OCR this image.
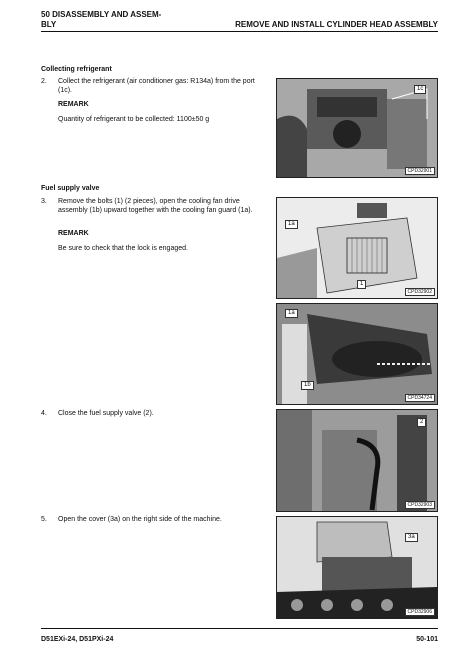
50 DISASSEMBLY AND ASSEM-
BLY	REMOVE AND INSTALL CYLINDER HEAD ASSEMBLY
Collecting refrigerant
2. Collect the refrigerant (air conditioner gas: R134a) from the port (1c).
REMARK
Quantity of refrigerant to be collected: 1100±50 g
1c
CPD32901
Fuel supply valve
3. Remove the bolts (1) (2 pieces), open the cooling fan drive assembly (1b) upward together with the cooling fan guard (1a).
REMARK
Be sure to check that the lock is engaged.
1a
1
CPD32902
1a
1b
CPD34724
4. Close the fuel supply valve (2).
2
CPD32903
5. Open the cover (3a) on the right side of the machine.
3a
CPD32906
D51EXi-24, D51PXi-24	50-101
